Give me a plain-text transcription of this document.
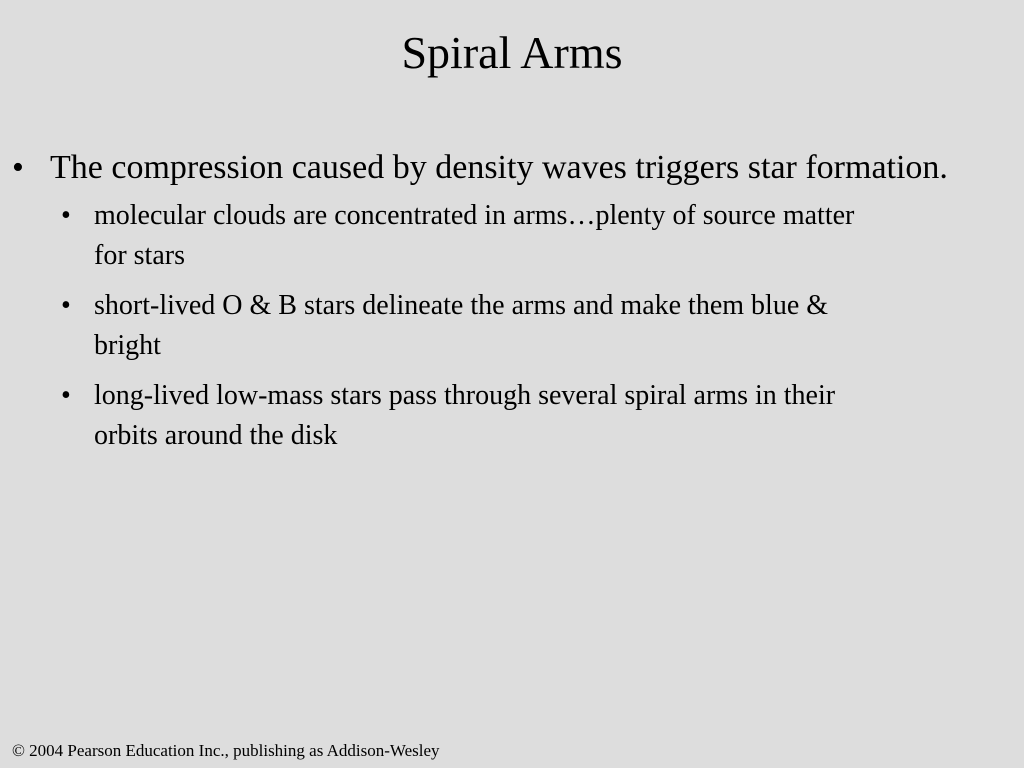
Spiral Arms
• The compression caused by density waves triggers star formation.
• molecular clouds are concentrated in arms…plenty of source matter for stars
• short-lived O & B stars delineate the arms and make them blue & bright
• long-lived low-mass stars pass through several spiral arms in their orbits around the disk
© 2004 Pearson Education Inc., publishing as Addison-Wesley
